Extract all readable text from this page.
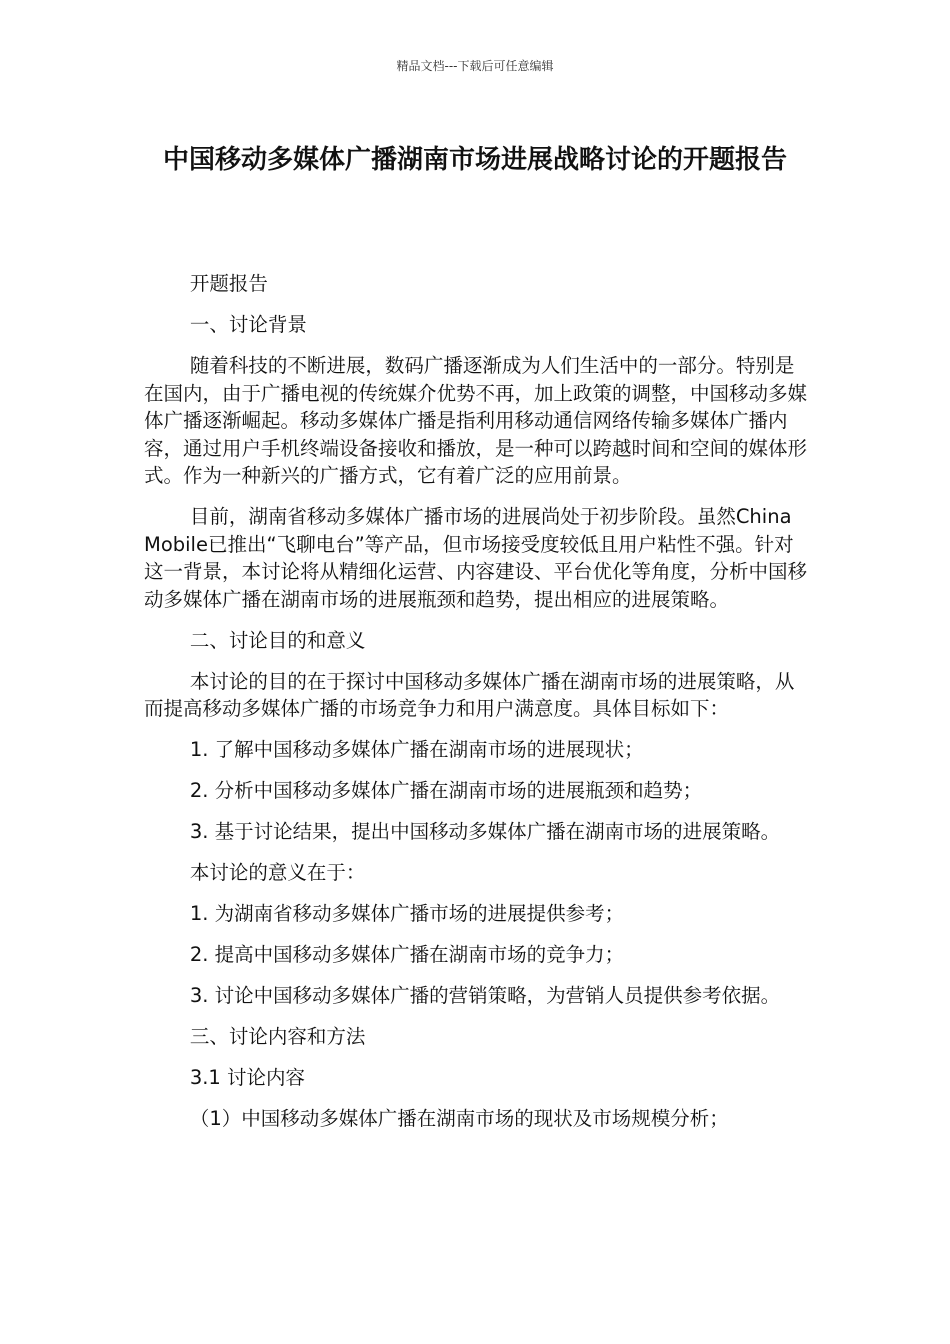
精品文档---下载后可任意编辑
中国移动多媒体广播湖南市场进展战略讨论的开题报告

开题报告

一、讨论背景

随着科技的不断进展，数码广播逐渐成为人们生活中的一部分。特别是在国内，由于广播电视的传统媒介优势不再，加上政策的调整，中国移动多媒体广播逐渐崛起。移动多媒体广播是指利用移动通信网络传输多媒体广播内容，通过用户手机终端设备接收和播放，是一种可以跨越时间和空间的媒体形式。作为一种新兴的广播方式，它有着广泛的应用前景。

目前，湖南省移动多媒体广播市场的进展尚处于初步阶段。虽然China Mobile已推出“飞聊电台”等产品，但市场接受度较低且用户粘性不强。针对这一背景，本讨论将从精细化运营、内容建设、平台优化等角度，分析中国移动多媒体广播在湖南市场的进展瓶颈和趋势，提出相应的进展策略。

二、讨论目的和意义

本讨论的目的在于探讨中国移动多媒体广播在湖南市场的进展策略，从而提高移动多媒体广播的市场竞争力和用户满意度。具体目标如下：

1. 了解中国移动多媒体广播在湖南市场的进展现状；

2. 分析中国移动多媒体广播在湖南市场的进展瓶颈和趋势；

3. 基于讨论结果，提出中国移动多媒体广播在湖南市场的进展策略。

本讨论的意义在于：

1. 为湖南省移动多媒体广播市场的进展提供参考；

2. 提高中国移动多媒体广播在湖南市场的竞争力；

3. 讨论中国移动多媒体广播的营销策略，为营销人员提供参考依据。

三、讨论内容和方法

3.1 讨论内容

（1）中国移动多媒体广播在湖南市场的现状及市场规模分析；
